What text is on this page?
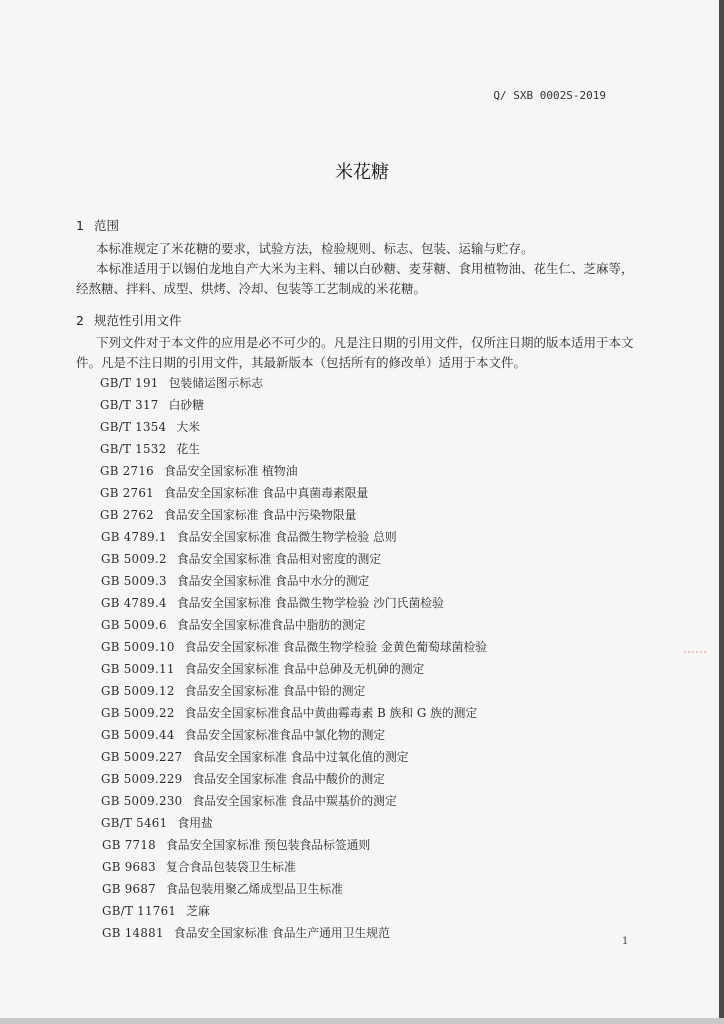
Q/ SXB 0002S-2019
米花糖
1 范围
本标准规定了米花糖的要求，试验方法，检验规则、标志、包装、运输与贮存。
本标准适用于以锡伯龙地自产大米为主料、辅以白砂糖、麦芽糖、食用植物油、花生仁、芝麻等，经熬糖、拌料、成型、烘烤、冷却、包装等工艺制成的米花糖。
2 规范性引用文件
下列文件对于本文件的应用是必不可少的。凡是注日期的引用文件，仅所注日期的版本适用于本文件。凡是不注日期的引用文件，其最新版本（包括所有的修改单）适用于本文件。
GB/T 191 包装储运图示标志
GB/T 317 白砂糖
GB/T 1354 大米
GB/T 1532 花生
GB 2716 食品安全国家标准 植物油
GB 2761 食品安全国家标准 食品中真菌毒素限量
GB 2762 食品安全国家标准 食品中污染物限量
GB 4789.1 食品安全国家标准 食品微生物学检验 总则
GB 5009.2 食品安全国家标准 食品相对密度的测定
GB 5009.3 食品安全国家标准 食品中水分的测定
GB 4789.4 食品安全国家标准 食品微生物学检验 沙门氏菌检验
GB 5009.6 食品安全国家标准食品中脂肪的测定
GB 5009.10 食品安全国家标准 食品微生物学检验 金黄色葡萄球菌检验
GB 5009.11 食品安全国家标准 食品中总砷及无机砷的测定
GB 5009.12 食品安全国家标准 食品中铅的测定
GB 5009.22 食品安全国家标准食品中黄曲霉毒素 B 族和 G 族的测定
GB 5009.44 食品安全国家标准食品中氯化物的测定
GB 5009.227 食品安全国家标准 食品中过氧化值的测定
GB 5009.229 食品安全国家标准 食品中酸价的测定
GB 5009.230 食品安全国家标准 食品中羰基价的测定
GB/T 5461 食用盐
GB 7718 食品安全国家标准 预包装食品标签通则
GB 9683 复合食品包装袋卫生标准
GB 9687 食品包装用聚乙烯成型品卫生标准
GB/T 11761 芝麻
GB 14881 食品安全国家标准 食品生产通用卫生规范
1
